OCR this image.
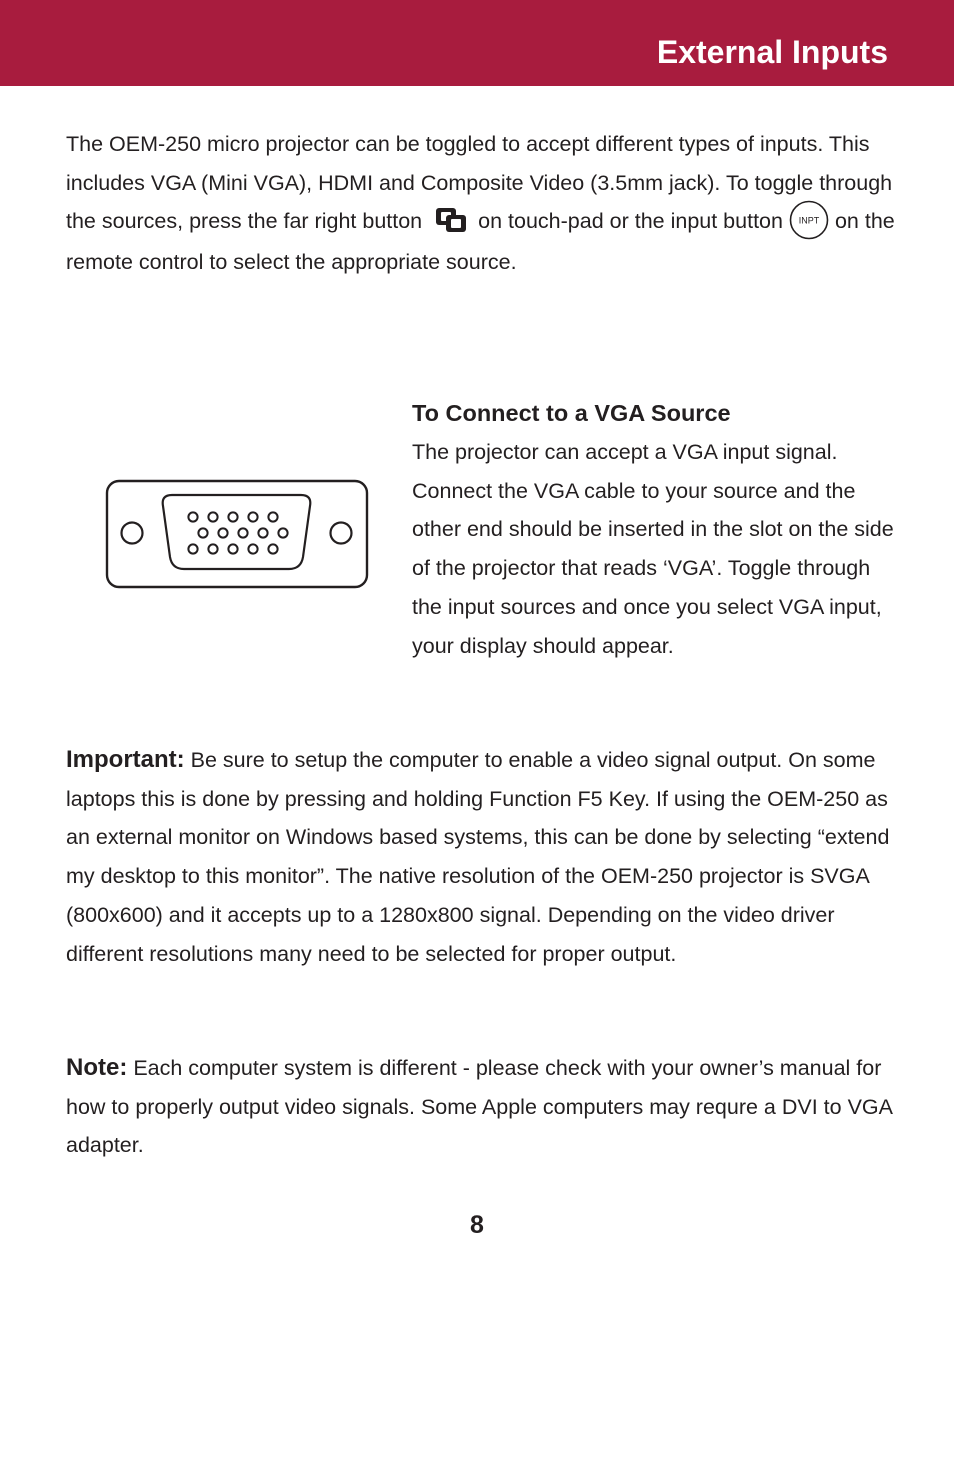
External Inputs
The OEM-250 micro projector can be toggled to accept different types of inputs. This includes VGA (Mini VGA), HDMI and Composite Video (3.5mm jack). To toggle through the sources, press the far right button	on touch-pad or the input button INPT on the remote control to select the appropriate source.
To Connect to a VGA Source
The projector can accept a VGA input signal. Connect the VGA cable to your source and the other end should be inserted in the slot on the side of the projector that reads ‘VGA’. Toggle through the input sources and once you select VGA input, your display should appear.
Important: Be sure to setup the computer to enable a video signal output. On some laptops this is done by pressing and holding Function F5 Key. If using the OEM-250 as an external monitor on Windows based systems, this can be done by selecting “extend my desktop to this monitor”. The native resolution of the OEM-250 projector is SVGA (800x600) and it accepts up to a 1280x800 signal. Depending on the video driver different resolutions many need to be selected for proper output.
Note: Each computer system is different - please check with your owner’s manual for how to properly output video signals. Some Apple computers may requre a DVI to VGA adapter.
8
